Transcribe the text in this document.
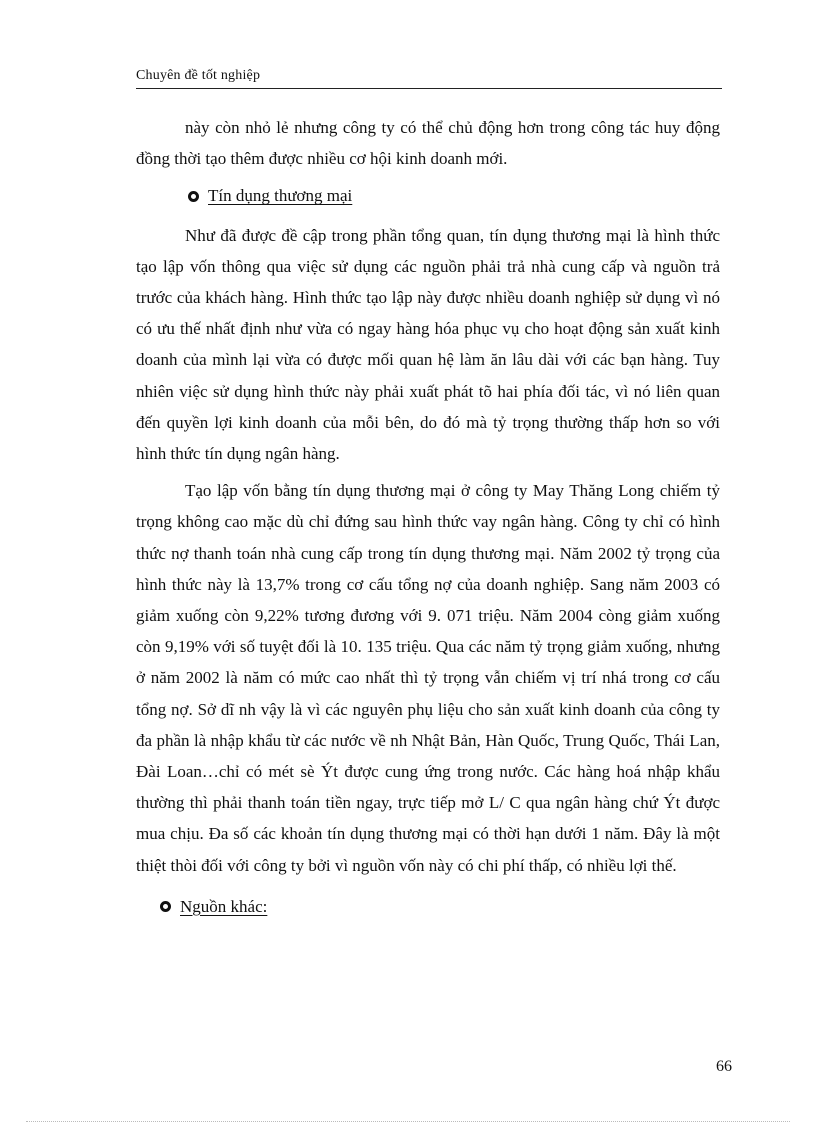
Chuyên đề tốt nghiệp

này còn nhỏ lẻ nhưng công ty có thể chủ động hơn trong công tác huy động đồng thời tạo thêm được nhiều cơ hội kinh doanh mới.

Tín dụng thương mại

Như đã được đề cập trong phần tổng quan, tín dụng thương mại là hình thức tạo lập vốn thông qua việc sử dụng các nguồn phải trả nhà cung cấp và nguồn trả trước của khách hàng. Hình thức tạo lập này được nhiều doanh nghiệp sử dụng vì nó có ưu thế nhất định như vừa có ngay hàng hóa phục vụ cho hoạt động sản xuất kinh doanh của mình lại vừa có được mối quan hệ làm ăn lâu dài với các bạn hàng. Tuy nhiên việc sử dụng hình thức này phải xuất phát tõ hai phía đối tác, vì nó liên quan đến quyền lợi kinh doanh của mỗi bên, do đó mà tỷ trọng thường thấp hơn so với hình thức tín dụng ngân hàng.

Tạo lập vốn bằng tín dụng thương mại ở công ty May Thăng Long chiếm tỷ trọng không cao mặc dù chỉ đứng sau hình thức vay ngân hàng. Công ty chỉ có hình thức nợ thanh toán nhà cung cấp trong tín dụng thương mại. Năm 2002 tỷ trọng của hình thức này là 13,7% trong cơ cấu tổng nợ của doanh nghiệp. Sang năm 2003 có giảm xuống còn 9,22% tương đương với 9. 071 triệu. Năm 2004 còng giảm xuống còn 9,19% với số tuyệt đối là 10. 135 triệu. Qua các năm tỷ trọng giảm xuống, nhưng ở năm 2002 là năm có mức cao nhất thì tỷ trọng vẫn chiếm vị trí nhá trong cơ cấu tổng nợ. Sở dĩ nh vậy là vì các nguyên phụ liệu cho sản xuất kinh doanh của công ty đa phần là nhập khẩu từ các nước về nh Nhật Bản, Hàn Quốc, Trung Quốc, Thái Lan, Đài Loan…chỉ có mét sè Ýt được cung ứng trong nước. Các hàng hoá nhập khẩu thường thì phải thanh toán tiền ngay, trực tiếp mở L/ C qua ngân hàng chứ Ýt được mua chịu. Đa số các khoản tín dụng thương mại có thời hạn dưới 1 năm. Đây là một thiệt thòi đối với công ty bởi vì nguồn vốn này có chi phí thấp, có nhiều lợi thế.

Nguồn khác:
66
